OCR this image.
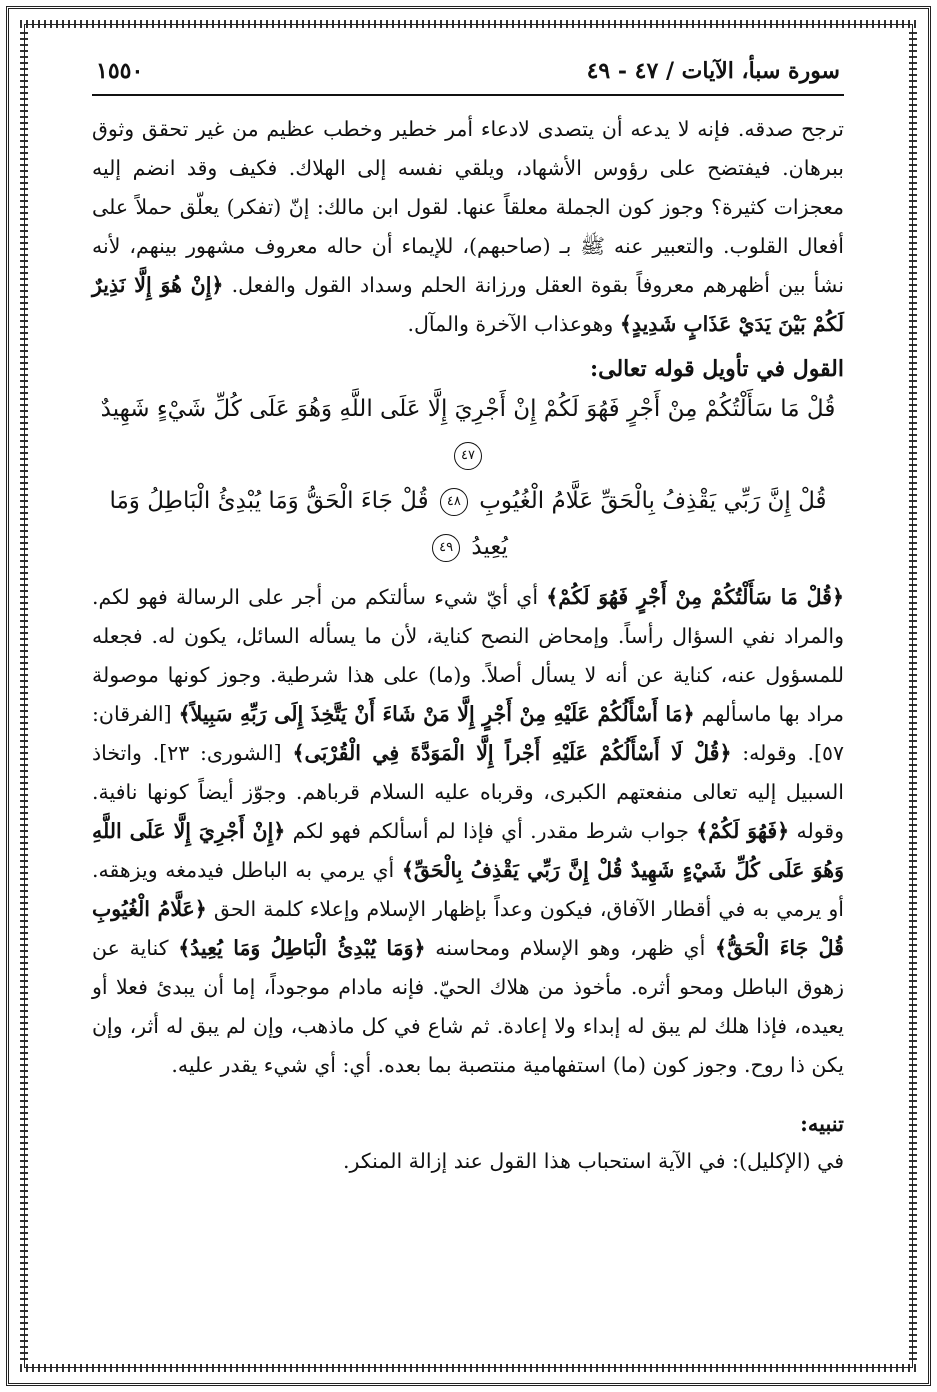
سورة سبأ، الآيات / ٤٧ - ٤٩
١٥٥٠

ترجح صدقه. فإنه لا يدعه أن يتصدى لادعاء أمر خطير وخطب عظيم من غير تحقق وثوق ببرهان. فيفتضح على رؤوس الأشهاد، ويلقي نفسه إلى الهلاك. فكيف وقد انضم إليه معجزات كثيرة؟ وجوز كون الجملة معلقاً عنها. لقول ابن مالك: إنّ (تفكر) يعلّق حملاً على أفعال القلوب. والتعبير عنه ﷺ بـ (صاحبهم)، للإيماء أن حاله معروف مشهور بينهم، لأنه نشأ بين أظهرهم معروفاً بقوة العقل ورزانة الحلم وسداد القول والفعل. ﴿إِنْ هُوَ إِلَّا نَذِيرٌ لَكُمْ بَيْنَ يَدَيْ عَذَابٍ شَدِيدٍ﴾ وهوعذاب الآخرة والمآل.

القول في تأويل قوله تعالى:
قُلْ مَا سَأَلْتُكُمْ مِنْ أَجْرٍ فَهُوَ لَكُمْ إِنْ أَجْرِيَ إِلَّا عَلَى اللَّهِ وَهُوَ عَلَى كُلِّ شَيْءٍ شَهِيدٌ ٤٧
قُلْ إِنَّ رَبِّي يَقْذِفُ بِالْحَقِّ عَلَّامُ الْغُيُوبِ ٤٨ قُلْ جَاءَ الْحَقُّ وَمَا يُبْدِئُ الْبَاطِلُ وَمَا يُعِيدُ ٤٩

﴿قُلْ مَا سَأَلْتُكُمْ مِنْ أَجْرٍ فَهُوَ لَكُمْ﴾ أي أيّ شيء سألتكم من أجر على الرسالة فهو لكم. والمراد نفي السؤال رأساً. وإمحاض النصح كناية، لأن ما يسأله السائل، يكون له. فجعله للمسؤول عنه، كناية عن أنه لا يسأل أصلاً. و(ما) على هذا شرطية. وجوز كونها موصولة مراد بها ماسألهم ﴿مَا أَسْأَلُكُمْ عَلَيْهِ مِنْ أَجْرٍ إِلَّا مَنْ شَاءَ أَنْ يَتَّخِذَ إِلَى رَبِّهِ سَبِيلاً﴾ [الفرقان: ٥٧]. وقوله: ﴿قُلْ لَا أَسْأَلُكُمْ عَلَيْهِ أَجْراً إِلَّا الْمَوَدَّةَ فِي الْقُرْبَى﴾ [الشورى: ٢٣]. واتخاذ السبيل إليه تعالى منفعتهم الكبرى، وقرباه عليه السلام قرباهم. وجوّز أيضاً كونها نافية. وقوله ﴿فَهُوَ لَكُمْ﴾ جواب شرط مقدر. أي فإذا لم أسألكم فهو لكم ﴿إِنْ أَجْرِيَ إِلَّا عَلَى اللَّهِ وَهُوَ عَلَى كُلِّ شَيْءٍ شَهِيدٌ قُلْ إِنَّ رَبِّي يَقْذِفُ بِالْحَقِّ﴾ أي يرمي به الباطل فيدمغه ويزهقه. أو يرمي به في أقطار الآفاق، فيكون وعداً بإظهار الإسلام وإعلاء كلمة الحق ﴿عَلَّامُ الْغُيُوبِ قُلْ جَاءَ الْحَقُّ﴾ أي ظهر، وهو الإسلام ومحاسنه ﴿وَمَا يُبْدِئُ الْبَاطِلُ وَمَا يُعِيدُ﴾ كناية عن زهوق الباطل ومحو أثره. مأخوذ من هلاك الحيّ. فإنه مادام موجوداً، إما أن يبدئ فعلا أو يعيده، فإذا هلك لم يبق له إبداء ولا إعادة. ثم شاع في كل ماذهب، وإن لم يبق له أثر، وإن يكن ذا روح. وجوز كون (ما) استفهامية منتصبة بما بعده. أي: أي شيء يقدر عليه.

تنبيه:
في (الإكليل): في الآية استحباب هذا القول عند إزالة المنكر.
